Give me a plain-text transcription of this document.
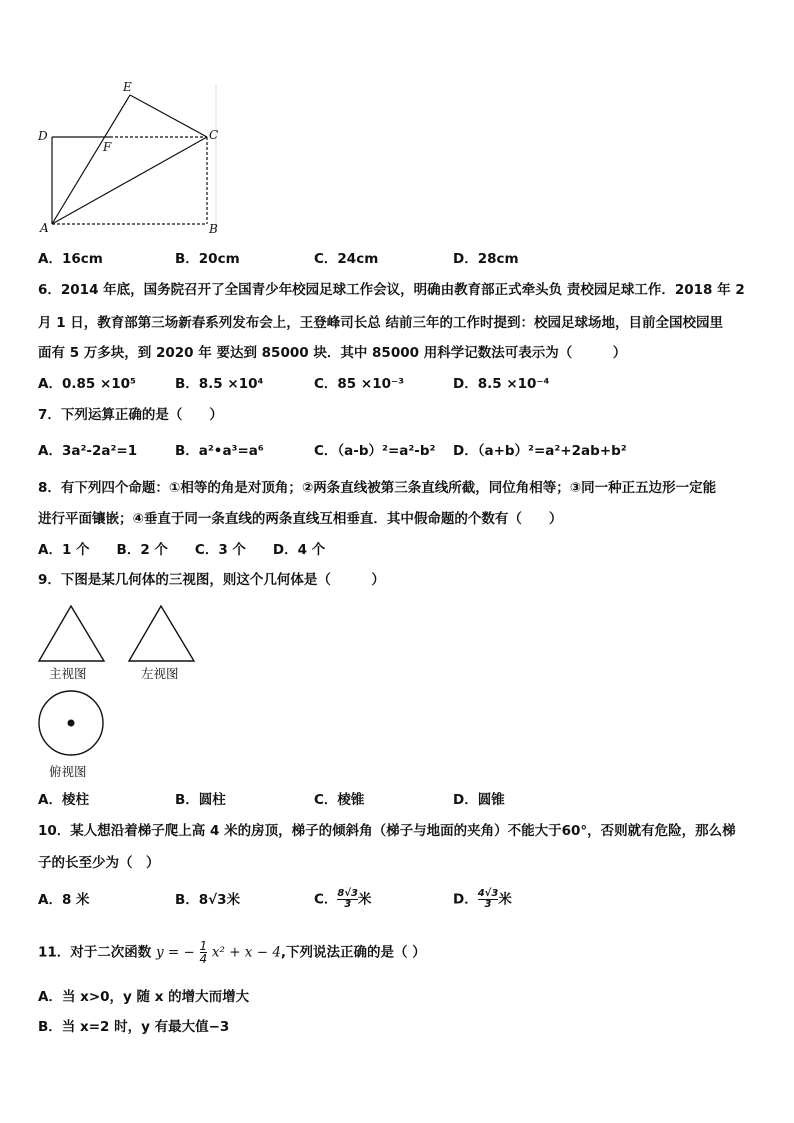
E
D
F
C
A	B
A．16cm	B．20cm	C．24cm	D．28cm
6．2014 年底，国务院召开了全国青少年校园足球工作会议，明确由教育部正式牵头负 责校园足球工作．2018 年 2
月 1 日，教育部第三场新春系列发布会上，王登峰司长总 结前三年的工作时提到：校园足球场地，目前全国校园里
面有 5 万多块，到 2020 年 要达到 85000 块．其中 85000 用科学记数法可表示为（　　　）
A．0.85 ×10⁵	B．8.5 ×10⁴	C．85 ×10⁻³	D．8.5 ×10⁻⁴
7．下列运算正确的是（　　）
A．3a²-2a²=1	B．a²•a³=a⁶	C．（a-b）²=a²-b² D．（a+b）²=a²+2ab+b²
8．有下列四个命题：①相等的角是对顶角；②两条直线被第三条直线所截，同位角相等；③同一种正五边形一定能
进行平面镶嵌；④垂直于同一条直线的两条直线互相垂直．其中假命题的个数有（　　）
A．1 个　　B．2 个　　C．3 个　　D．4 个
9．下图是某几何体的三视图，则这个几何体是（　　　）
主视图	左视图
俯视图
A．棱柱	B．圆柱	C．棱锥	D．圆锥
10．某人想沿着梯子爬上高 4 米的房顶，梯子的倾斜角（梯子与地面的夹角）不能大于60°，否则就有危险，那么梯
子的长至少为（　）
A．8 米	B．8√3米	C． $\frac{8√3}{3}$ 米	D． $\frac{4√3}{3}$ 米
11．对于二次函数 y = − $\frac{1}{4} x^2 + x - 4$,下列说法正确的是（ ）
A．当 x>0，y 随 x 的增大而增大
B．当 x=2 时，y 有最大值−3
